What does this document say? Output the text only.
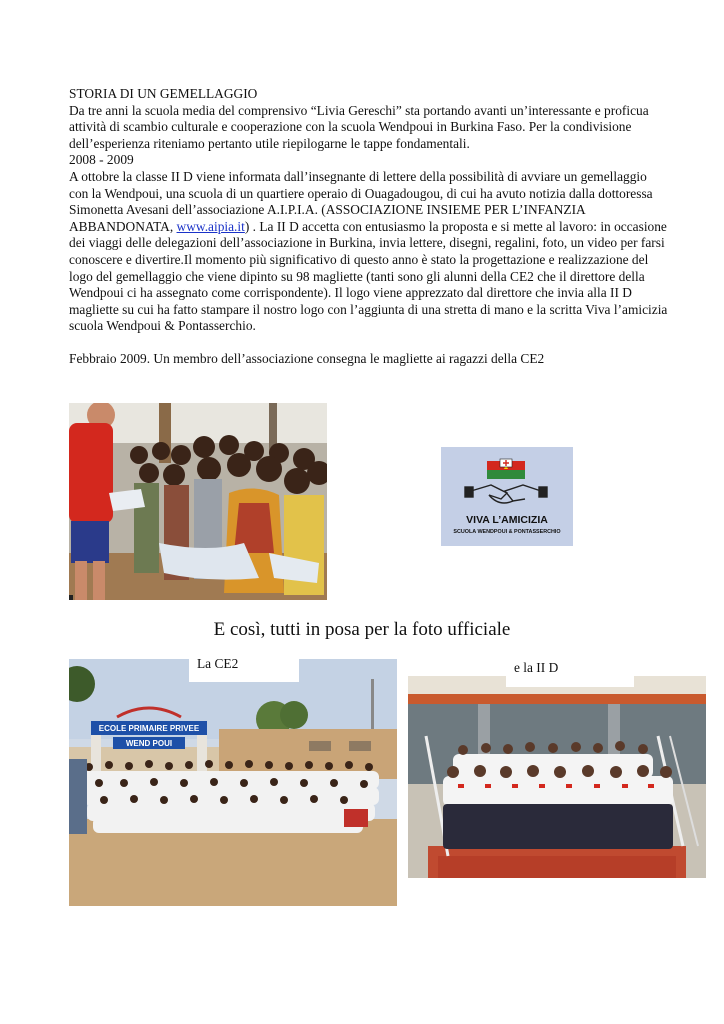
STORIA DI UN GEMELLAGGIO

Da tre anni la scuola media del comprensivo “Livia Gereschi” sta portando avanti un’interessante e proficua attività di scambio culturale e cooperazione con la scuola Wendpoui in Burkina Faso. Per la condivisione dell’esperienza riteniamo pertanto utile riepilogarne le tappe fondamentali.

2008 - 2009

A ottobre la classe II D viene informata dall’insegnante di lettere della possibilità di avviare un gemellaggio con la Wendpoui, una scuola di un quartiere operaio di Ouagadougou, di cui ha avuto notizia dalla dottoressa Simonetta Avesani dell’associazione A.I.P.I.A. (ASSOCIAZIONE INSIEME PER L’INFANZIA ABBANDONATA, www.aipia.it) . La II D accetta con entusiasmo la proposta e si mette al lavoro: in occasione dei viaggi delle delegazioni dell’associazione in Burkina, invia lettere, disegni, regalini, foto, un video per farsi conoscere e divertire.Il momento più significativo di questo anno è stato la progettazione e realizzazione del logo del gemellaggio che viene dipinto su 98 magliette (tanti sono gli alunni della CE2 che il direttore della Wendpoui ci ha assegnato come corrispondente). Il logo viene apprezzato dal direttore che invia alla II D magliette su cui ha fatto stampare il nostro logo con l’aggiunta di una stretta di mano e la scritta Viva l’amicizia scuola Wendpoui & Pontasserchio.

Febbraio 2009. Un membro dell’associazione consegna le magliette ai ragazzi della CE2

VIVA L’AMICIZIA
SCUOLA WENDPOUI & PONTASSERCHIO
E così, tutti in posa per la foto ufficiale
ECOLE PRIMAIRE PRIVEE
WEND POUI
La CE2	e la II D
